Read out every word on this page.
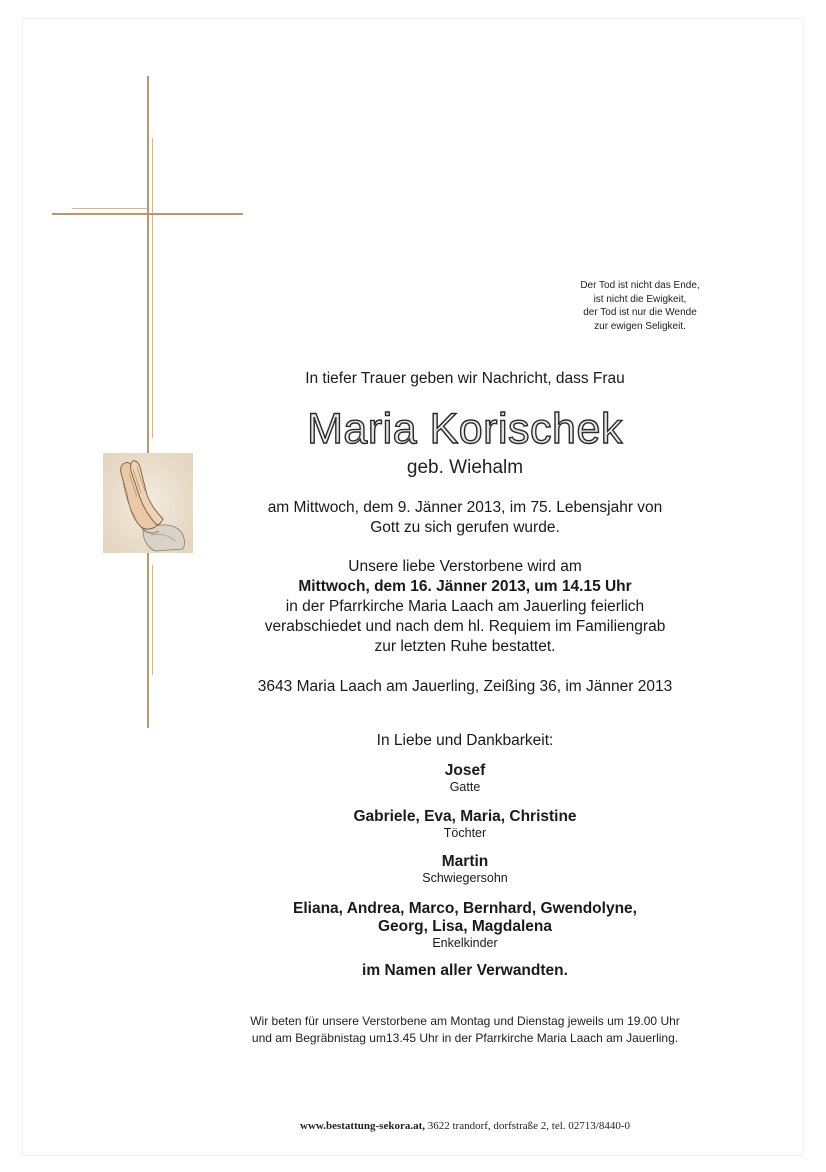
Der Tod ist nicht das Ende,
ist nicht die Ewigkeit,
der Tod ist nur die Wende
zur ewigen Seligkeit.
In tiefer Trauer geben wir Nachricht, dass Frau
Maria Korischek
geb. Wiehalm
am Mittwoch, dem 9. Jänner 2013, im 75. Lebensjahr von
Gott zu sich gerufen wurde.
Unsere liebe Verstorbene wird am
Mittwoch, dem 16. Jänner 2013, um 14.15 Uhr
in der Pfarrkirche Maria Laach am Jauerling feierlich
verabschiedet und nach dem hl. Requiem im Familiengrab
zur letzten Ruhe bestattet.
3643 Maria Laach am Jauerling, Zeißing 36, im Jänner 2013
In Liebe und Dankbarkeit:
Josef
Gatte
Gabriele, Eva, Maria, Christine
Töchter
Martin
Schwiegersohn
Eliana, Andrea, Marco, Bernhard, Gwendolyne,
Georg, Lisa, Magdalena
Enkelkinder
im Namen aller Verwandten.
Wir beten für unsere Verstorbene am Montag und Dienstag jeweils um 19.00 Uhr
und am Begräbnistag um13.45 Uhr in der Pfarrkirche Maria Laach am Jauerling.
www.bestattung-sekora.at, 3622 trandorf, dorfstraße 2, tel. 02713/8440-0
